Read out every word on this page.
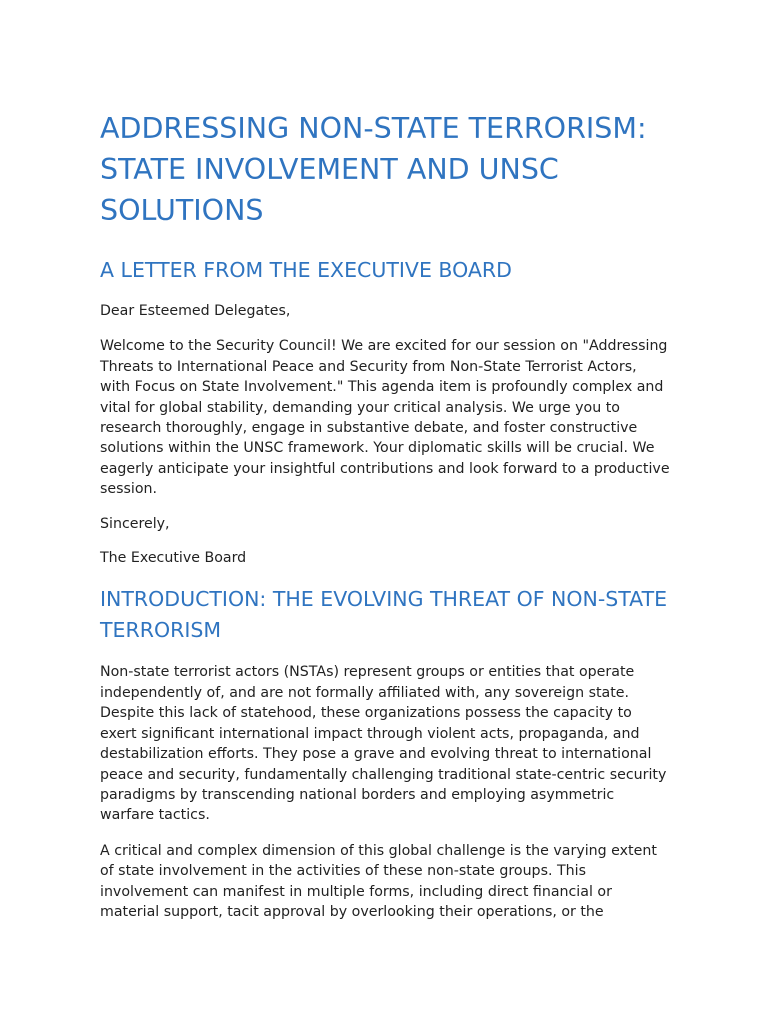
ADDRESSING NON-STATE TERRORISM: STATE INVOLVEMENT AND UNSC SOLUTIONS
A LETTER FROM THE EXECUTIVE BOARD

Dear Esteemed Delegates,

Welcome to the Security Council! We are excited for our session on "Addressing Threats to International Peace and Security from Non-State Terrorist Actors, with Focus on State Involvement." This agenda item is profoundly complex and vital for global stability, demanding your critical analysis. We urge you to research thoroughly, engage in substantive debate, and foster constructive solutions within the UNSC framework. Your diplomatic skills will be crucial. We eagerly anticipate your insightful contributions and look forward to a productive session.

Sincerely,

The Executive Board

INTRODUCTION: THE EVOLVING THREAT OF NON-STATE TERRORISM

Non-state terrorist actors (NSTAs) represent groups or entities that operate independently of, and are not formally affiliated with, any sovereign state. Despite this lack of statehood, these organizations possess the capacity to exert significant international impact through violent acts, propaganda, and destabilization efforts. They pose a grave and evolving threat to international peace and security, fundamentally challenging traditional state-centric security paradigms by transcending national borders and employing asymmetric warfare tactics.

A critical and complex dimension of this global challenge is the varying extent of state involvement in the activities of these non-state groups. This involvement can manifest in multiple forms, including direct financial or material support, tacit approval by overlooking their operations, or the
